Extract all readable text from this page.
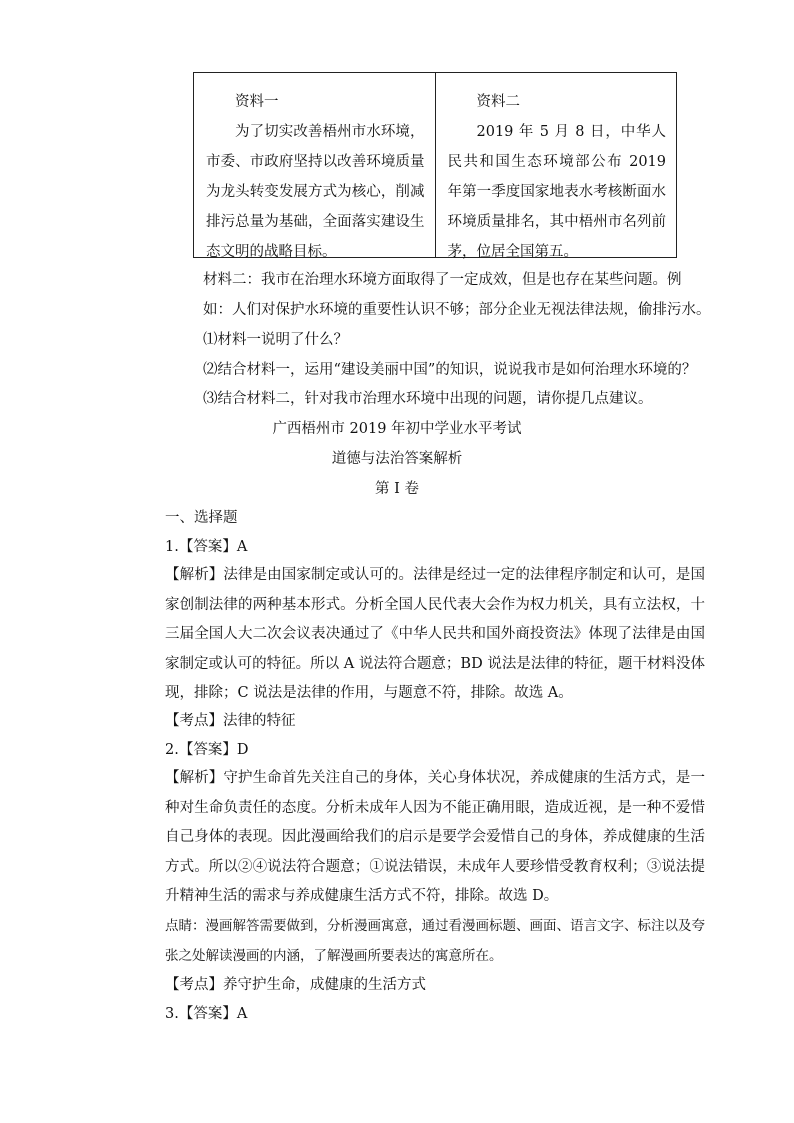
资料一
为了切实改善梧州市水环境，市委、市政府坚持以改善环境质量为龙头转变发展方式为核心，削减排污总量为基础，全面落实建设生态文明的战略目标。
资料二
2019 年 5 月 8 日，中华人民共和国生态环境部公布 2019 年第一季度国家地表水考核断面水环境质量排名，其中梧州市名列前茅，位居全国第五。
材料二：我市在治理水环境方面取得了一定成效，但是也存在某些问题。例
如：人们对保护水环境的重要性认识不够；部分企业无视法律法规，偷排污水。
⑴材料一说明了什么？
⑵结合材料一，运用“建设美丽中国”的知识，说说我市是如何治理水环境的？
⑶结合材料二，针对我市治理水环境中出现的问题，请你提几点建议。
广西梧州市 2019 年初中学业水平考试
道德与法治答案解析
第 I 卷
一、选择题
1.【答案】A
【解析】法律是由国家制定或认可的。法律是经过一定的法律程序制定和认可，是国家创制法律的两种基本形式。分析全国人民代表大会作为权力机关，具有立法权，十三届全国人大二次会议表决通过了《中华人民共和国外商投资法》体现了法律是由国家制定或认可的特征。所以 A 说法符合题意；BD 说法是法律的特征，题干材料没体现，排除；C 说法是法律的作用，与题意不符，排除。故选 A。
【考点】法律的特征
2.【答案】D
【解析】守护生命首先关注自己的身体，关心身体状况，养成健康的生活方式，是一种对生命负责任的态度。分析未成年人因为不能正确用眼，造成近视，是一种不爱惜自己身体的表现。因此漫画给我们的启示是要学会爱惜自己的身体，养成健康的生活方式。所以②④说法符合题意；①说法错误，未成年人要珍惜受教育权利；③说法提升精神生活的需求与养成健康生活方式不符，排除。故选 D。
点睛：漫画解答需要做到，分析漫画寓意，通过看漫画标题、画面、语言文字、标注以及夸张之处解读漫画的内涵，了解漫画所要表达的寓意所在。
【考点】养守护生命，成健康的生活方式
3.【答案】A
